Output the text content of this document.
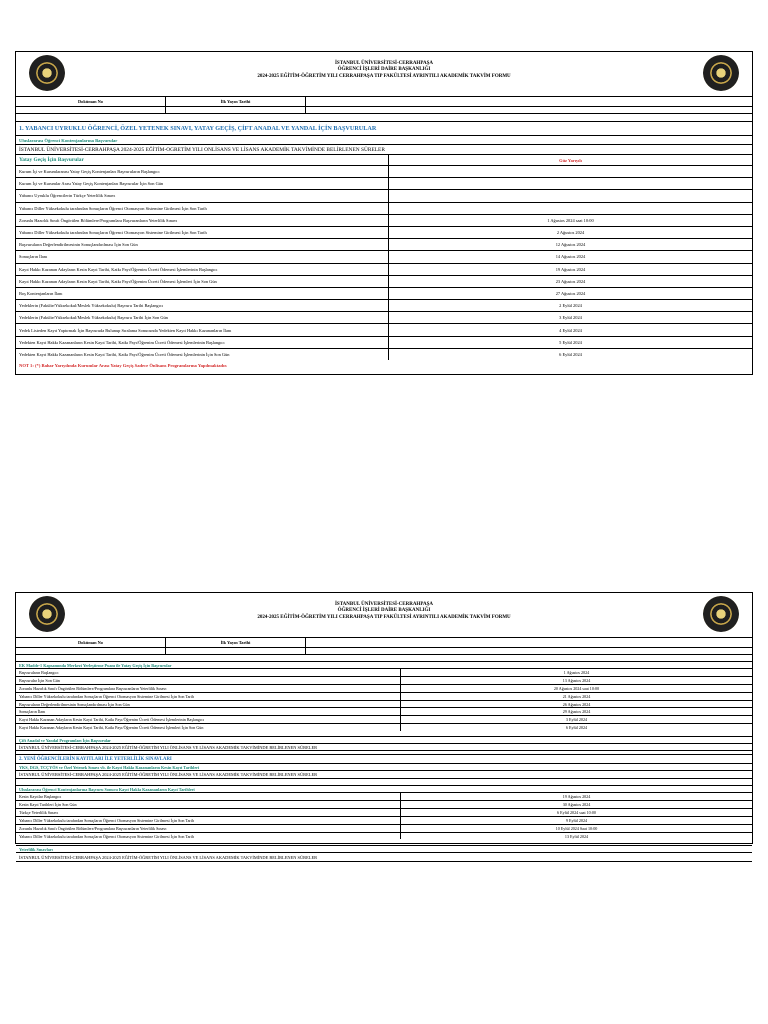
İSTANBUL ÜNİVERSİTESİ-CERRAHPAŞA
ÖĞRENCİ İŞLERİ DAİRE BAŞKANLIĞI
2024-2025 EĞİTİM-ÖĞRETİM YILI CERRAHPAŞA TIP FAKÜLTESİ AYRINTILI AKADEMİK TAKVİM FORMU
Doküman No	İlk Yayın Tarihi
1. YABANCI UYRUKLU ÖĞRENCİ, ÖZEL YETENEK SINAVI, YATAY GEÇİŞ, ÇİFT ANADAL VE YANDAL İÇİN BAŞVURULAR
Uluslararası Öğrenci Kontenjanlarına Başvurular
İSTANBUL ÜNİVERSİTESİ-CERRAHPAŞA 2024-2025 EĞİTİM-OGRETİM YILI ONLİSANS VE LİSANS AKADEMİK TAKVİMİNDE BELİRLENEN SÜRELER
Yatay Geçiş İçin Başvurular	Güz Yarıyılı
Kurum İçi ve Kurumlararası Yatay Geçiş Kontenjanları Başvuruların Başlangıcı
Kurum İçi ve Kurumlar Arası Yatay Geçiş Kontenjanları Başvurular İçin Son Gün
Yabancı Uyruklu Öğrencilerin Türkçe Yeterlilik Sınavı
Yabancı Diller Yüksekokulu tarafından Sonuçların Öğrenci Otomasyon Sistemine Girilmesi İçin Son Tarih
Zorunlu Hazırlık Sınıfı Öngörülen Bölümlere/Programlara Başvuranların Yeterlilik Sınavı	1 Ağustos 2024 saat 10:00
Yabancı Diller Yüksekokulu tarafından Sonuçların Öğrenci Otomasyon Sistemine Girilmesi İçin Son Tarih	2 Ağustos 2024
Başvuruların Değerlendirilmesinin Sonuçlandırılması İçin Son Gün	12 Ağustos 2024
Sonuçların İlanı	14 Ağustos 2024
Kayıt Hakkı Kazanan Adayların Kesin Kayıt Tarihi, Katkı Payı/Öğrenim Ücreti Ödemesi İşlemlerinin Başlangıcı	19 Ağustos 2024
Kayıt Hakkı Kazanan Adayların Kesin Kayıt Tarihi, Katkı Payı/Öğrenim Ücreti Ödemesi İşlemleri İçin Son Gün	23 Ağustos 2024
Boş Kontenjanların İlanı	27 Ağustos 2024
Yedeklerin (Fakülte/Yüksekokul/Meslek Yüksekokulu) Başvuru Tarihi Başlangıcı	2 Eylül 2024
Yedeklerin (Fakülte/Yüksekokul/Meslek Yüksekokulu) Başvuru Tarihi İçin Son Gün	3 Eylül 2024
Yedek Listeden Kayıt Yaptırmak İçin Başvuruda Bulunup Sıralama Sonucunda Yedekten Kayıt Hakkı Kazananların İlanı	4 Eylül 2024
Yedekten Kayıt Hakkı Kazananların Kesin Kayıt Tarihi, Katkı Payı/Öğrenim Ücreti Ödemesi İşlemlerinin Başlangıcı	5 Eylül 2024
Yedekten Kayıt Hakkı Kazananların Kesin Kayıt Tarihi, Katkı Payı/Öğrenim Ücreti Ödemesi İşlemlerinin İçin Son Gün	6 Eylül 2024
NOT 1: (*) Bahar Yarıyılında Kurumlar Arası Yatay Geçiş Sadece Önlisans Programlarına Yapılmaktadır.
İSTANBUL ÜNİVERSİTESİ-CERRAHPAŞA
ÖĞRENCİ İŞLERİ DAİRE BAŞKANLIĞI
2024-2025 EĞİTİM-ÖĞRETİM YILI CERRAHPAŞA TIP FAKÜLTESİ AYRINTILI AKADEMİK TAKVİM FORMU
Doküman No	İlk Yayın Tarihi
EK Madde-1 Kapsamında Merkezi Yerleştirme Puanı ile Yatay Geçiş İçin Başvurular
Başvuruların Başlangıcı	1 Ağustos 2024
Başvurular İçin Son Gün	13 Ağustos 2024
Zorunlu Hazırlık Sınıfı Öngörülen Bölümlere/Programlara Başvuranların Yeterlilik Sınavı	20 Ağustos 2024 saat 10:00
Yabancı Diller Yüksekokulu tarafından Sonuçların Öğrenci Otomasyon Sistemine Girilmesi İçin Son Tarih	21 Ağustos 2024
Başvuruların Değerlendirilmesinin Sonuçlandırılması İçin Son Gün	26 Ağustos 2024
Sonuçların İlanı	29 Ağustos 2024
Kayıt Hakkı Kazanan Adayların Kesin Kayıt Tarihi, Katkı Payı/Öğrenim Ücreti Ödemesi İşlemlerinin Başlangıcı	3 Eylül 2024
Kayıt Hakkı Kazanan Adayların Kesin Kayıt Tarihi, Katkı Payı/Öğrenim Ücreti Ödemesi İşlemleri İçin Son Gün	6 Eylül 2024
Çift Anadal ve Yandal Programları İçin Başvurular
İSTANBUL ÜNİVERSİTESİ-CERRAHPAŞA 2024-2025 EĞİTİM-ÖĞRETİM YILI ÖNLİSANS VE LİSANS AKADEMİK TAKVİMİNDE BELİRLENEN SÜRELER
2. YENİ ÖĞRENCİLERİN KAYITLARI İLE YETERLİLİK SINAVLARI
YKS, DGS, TCÇYÖS ve Özel Yetenek Sınavı vb. ile Kayıt Hakkı Kazananların Kesin Kayıt Tarihleri
İSTANBUL ÜNİVERSİTESİ-CERRAHPAŞA 2024-2025 EĞİTİM-ÖĞRETİM YILI ÖNLİSANS VE LİSANS AKADEMİK TAKVİMİNDE BELİRLENEN SÜRELER
Uluslararası Öğrenci Kontenjanlarına Başvuru Sonucu Kayıt Hakkı Kazananların Kayıt Tarihleri
Kesin Kayıtlar Başlangıcı	19 Ağustos 2024
Kesin Kayıt Tarihleri İçin Son Gün	30 Ağustos 2024
Türkçe Yeterlilik Sınavı	6 Eylül 2024 saat 10:00
Yabancı Diller Yüksekokulu tarafından Sonuçların Öğrenci Otomasyon Sistemine Girilmesi İçin Son Tarih	9 Eylül 2024
Zorunlu Hazırlık Sınıfı Öngörülen Bölümlere/Programlara Başvuranların Yeterlilik Sınavı	10 Eylül 2024 Saat 10:00
Yabancı Diller Yüksekokulu tarafından Sonuçların Öğrenci Otomasyon Sistemine Girilmesi İçin Son Tarih	13 Eylül 2024
Yeterlilik Sınavları
İSTANBUL ÜNİVERSİTESİ-CERRAHPAŞA 2024-2025 EĞİTİM-ÖĞRETİM YILI ÖNLİSANS VE LİSANS AKADEMİK TAKVİMİNDE BELİRLENEN SÜRELER
